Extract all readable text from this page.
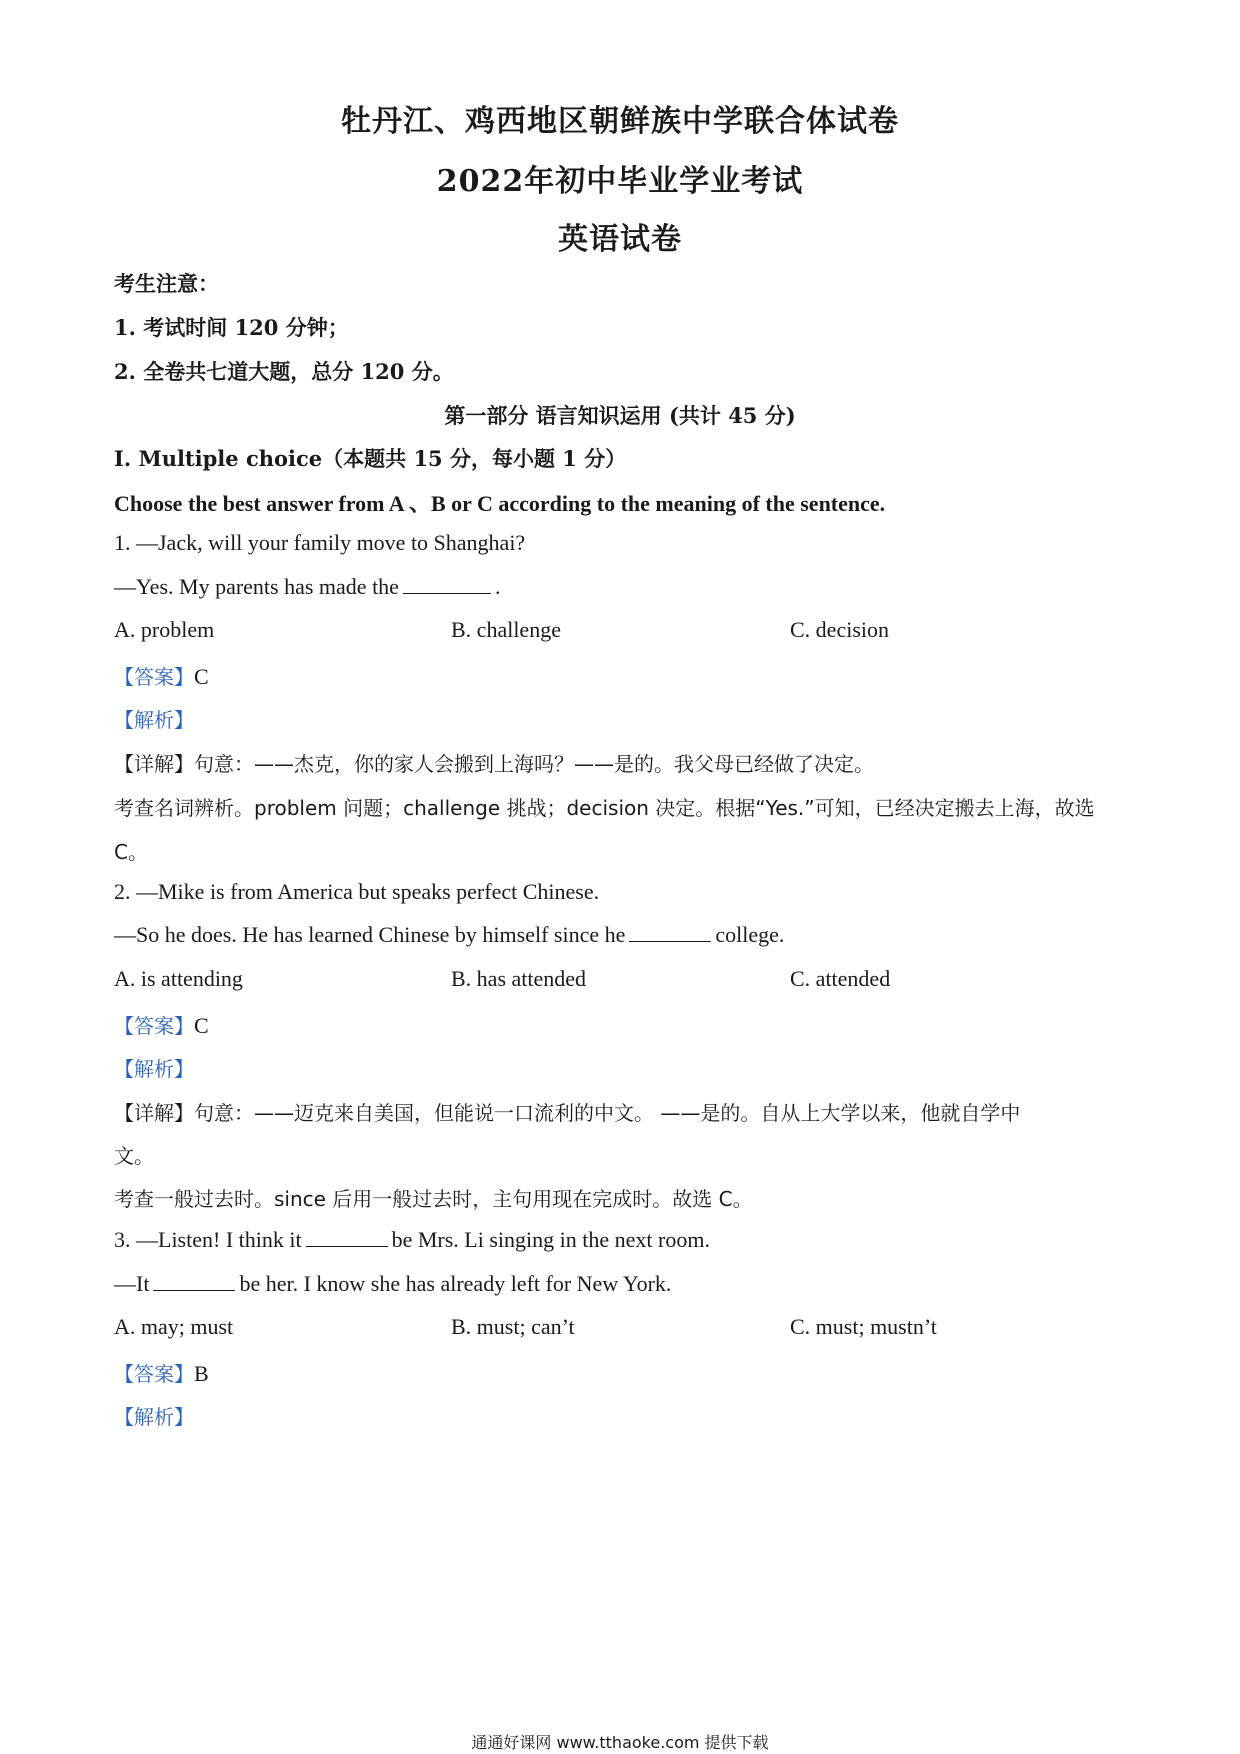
牡丹江、鸡西地区朝鲜族中学联合体试卷
2022年初中毕业学业考试
英语试卷
考生注意：
1. 考试时间 120 分钟；
2. 全卷共七道大题，总分 120 分。
第一部分 语言知识运用 (共计 45 分)
I. Multiple choice（本题共 15 分，每小题 1 分）
Choose the best answer from A 、B or C according to the meaning of the sentence.
1. —Jack, will your family move to Shanghai?
—Yes. My parents has made the	.
A. problem	B. challenge	C. decision
【答案】C
【解析】
【详解】句意：——杰克，你的家人会搬到上海吗？——是的。我父母已经做了决定。
考查名词辨析。problem 问题；challenge 挑战；decision 决定。根据“Yes.”可知，已经决定搬去上海，故选
C。
2. —Mike is from America but speaks perfect Chinese.
—So he does. He has learned Chinese by himself since he	college.
A. is attending	B. has attended	C. attended
【答案】C
【解析】
【详解】句意：——迈克来自美国，但能说一口流利的中文。 ——是的。自从上大学以来，他就自学中
文。
考查一般过去时。since 后用一般过去时，主句用现在完成时。故选 C。
3. —Listen! I think it	be Mrs. Li singing in the next room.
—It	be her. I know she has already left for New York.
A. may; must	B. must; can’t	C. must; mustn’t
【答案】B
【解析】
通通好课网 www.tthaoke.com 提供下载
